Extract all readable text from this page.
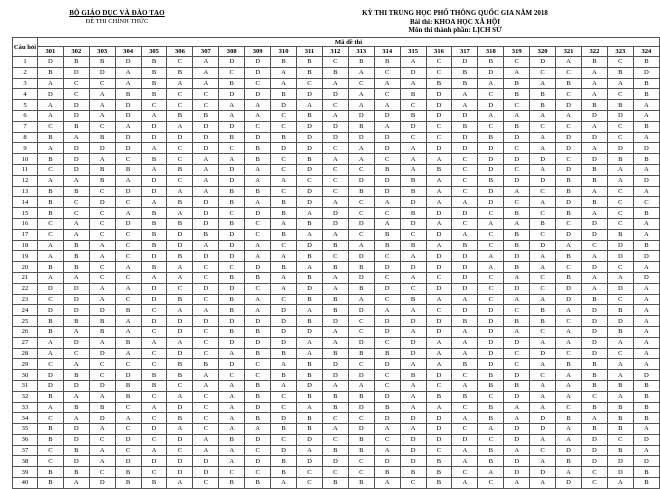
BỘ GIÁO DỤC VÀ ĐÀO TẠO
ĐỀ THI CHÍNH THỨC
KỲ THI TRUNG HỌC PHỔ THÔNG QUỐC GIA NĂM 2018
Bài thi: KHOA HỌC XÃ HỘI
Môn thi thành phần: LỊCH SỬ
Câu hỏi	Mã đề thi																							
	301	302	303	304	305	306	307	308	309	310	311	312	313	314	315	316	317	318	319	320	321	322	323	324
1	D	B	B	D	B	C	A	D	D	B	B	C	B	B	A	C	D	B	C	D	A	B	C	B
2	B	D	D	A	B	B	A	C	D	A	B	B	A	C	D	C	B	D	A	C	C	A	B	D
3	A	C	C	A	B	A	A	B	C	A	C	A	C	A	A	B	B	A	B	A	B	A	A	B
4	D	C	A	B	B	C	C	D	D	B	D	D	A	C	B	D	A	C	B	B	C	A	C	B
5	A	D	A	D	C	C	C	A	A	D	A	C	A	A	C	D	A	D	C	B	D	B	B	A
6	A	D	A	D	A	B	B	A	A	C	B	A	D	D	B	D	D	A	A	A	A	D	D	A
7	C	B	C	A	D	A	D	D	C	C	D	D	B	A	D	C	B	C	B	C	C	A	C	B
8	B	A	B	D	D	D	D	B	D	B	D	D	D	D	C	C	D	B	D	A	D	D	C	A
9	A	D	D	D	A	C	D	C	B	D	D	C	A	D	A	D	D	D	C	A	D	A	D	D
10	B	D	A	C	B	C	A	A	B	C	B	A	A	C	A	A	C	D	D	D	C	D	B	B
11	C	D	B	B	A	B	A	D	A	C	D	C	C	B	A	B	C	D	C	A	D	B	A	A
12	A	A	B	A	D	C	A	D	A	A	C	C	D	D	B	A	C	B	D	D	B	B	A	D
13	B	B	C	D	D	A	A	B	B	C	D	C	B	D	B	A	C	D	A	C	B	A	C	A
14	B	C	D	C	A	B	D	B	A	B	D	A	C	A	D	A	A	D	C	A	D	B	C	C
15	B	C	C	A	B	A	D	C	D	B	A	D	C	C	B	D	D	C	B	C	B	A	C	B
16	C	A	C	D	B	B	D	B	C	A	B	D	D	A	D	A	C	A	A	B	C	D	C	A
17	C	A	C	C	B	D	B	D	C	B	A	A	C	B	C	D	A	C	B	C	D	D	B	A
18	A	B	A	C	B	D	A	D	A	C	D	B	A	B	B	A	B	C	B	D	A	C	D	B
19	A	B	A	C	D	B	D	D	A	A	B	C	D	C	A	D	D	A	D	A	B	A	D	D
20	B	B	C	A	B	A	C	C	D	B	A	B	B	D	D	D	D	A	B	A	C	D	C	A
21	A	A	C	C	A	A	C	B	B	A	B	A	D	C	A	C	D	C	A	C	B	A	A	D
22	D	D	A	A	D	C	D	D	C	A	D	A	B	D	C	D	D	C	D	C	D	A	D	A
23	C	D	A	C	D	B	C	B	A	C	B	B	A	C	B	A	A	C	A	A	D	B	C	A
24	D	D	D	B	C	A	A	B	A	D	A	B	D	A	A	C	D	D	C	B	A	D	B	A
25	B	B	B	A	D	D	D	D	D	D	B	D	C	D	D	D	B	D	B	B	C	D	D	A
26	B	A	B	A	C	D	C	B	B	D	D	A	C	D	A	D	A	D	A	C	A	D	B	A
27	A	D	A	B	A	A	C	D	D	D	A	A	D	C	D	A	A	D	D	A	A	D	A	A
28	A	C	D	A	C	D	C	A	B	B	A	B	B	B	D	A	A	D	C	D	C	D	C	A
29	C	A	C	C	C	B	B	D	C	A	B	D	C	D	A	A	B	D	C	A	B	B	A	A
30	D	B	C	D	B	B	A	C	C	B	B	D	D	C	B	D	C	B	D	C	A	B	A	D
31	D	D	D	B	B	C	A	A	B	A	D	A	A	C	A	C	A	B	B	A	A	B	B	B
32	B	A	A	B	C	A	C	A	B	C	B	B	B	D	A	B	B	C	D	A	A	C	A	B
33	A	B	B	C	A	D	C	A	D	C	A	B	D	B	A	A	C	B	A	A	C	B	B	B
34	C	A	D	A	C	B	C	A	B	D	B	C	C	D	D	D	A	B	A	D	B	A	B	B
35	B	D	A	C	D	A	C	A	A	B	B	A	D	A	A	D	C	A	D	D	A	B	B	A
36	B	D	C	D	C	D	A	B	D	C	D	C	B	C	D	D	D	C	D	A	A	D	C	D
37	C	B	A	C	A	C	A	A	C	D	A	B	B	A	D	C	A	B	A	C	D	D	B	A
38	C	D	A	D	D	D	D	A	D	B	D	D	C	D	D	B	A	B	D	A	B	D	D	D
39	B	B	C	B	C	D	D	C	C	B	C	C	C	B	B	B	C	A	D	D	A	C	D	B
40	B	A	D	B	B	A	C	B	B	A	C	B	B	A	C	B	A	C	A	A	D	C	A	B
